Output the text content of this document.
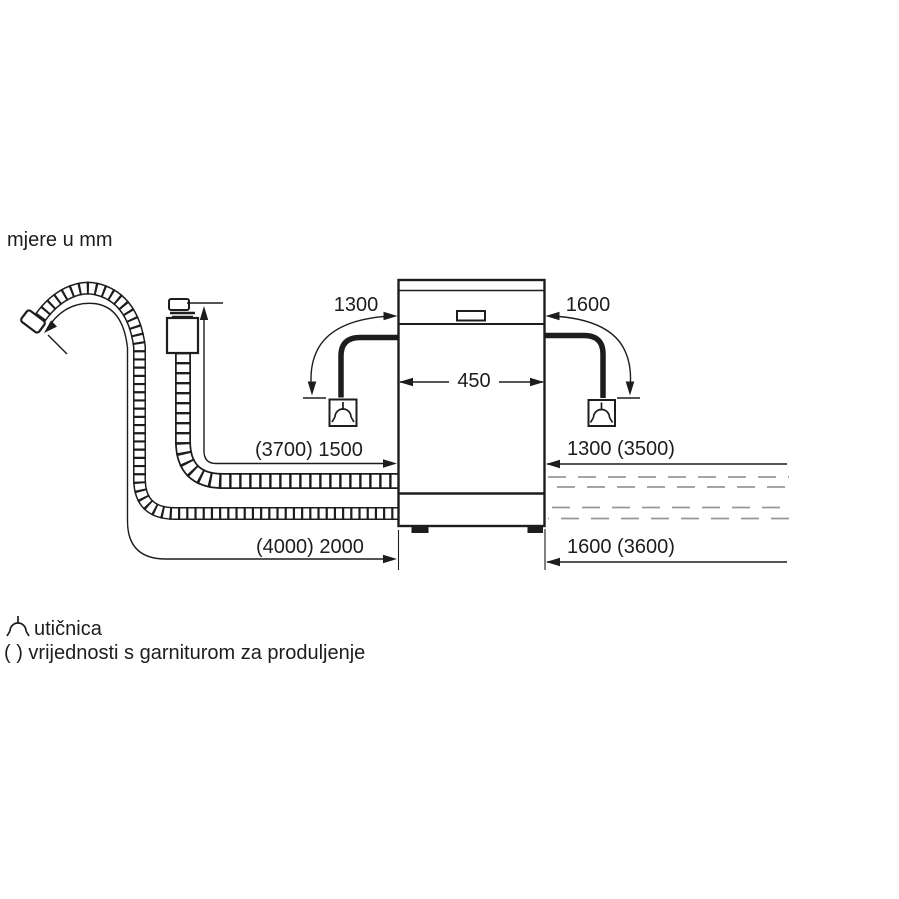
mjere u mm
1300	1600
450
(3700) 1500
(4000) 2000
1300 (3500)
1600 (3600)
utičnica
( ) vrijednosti s garniturom za produljenje
